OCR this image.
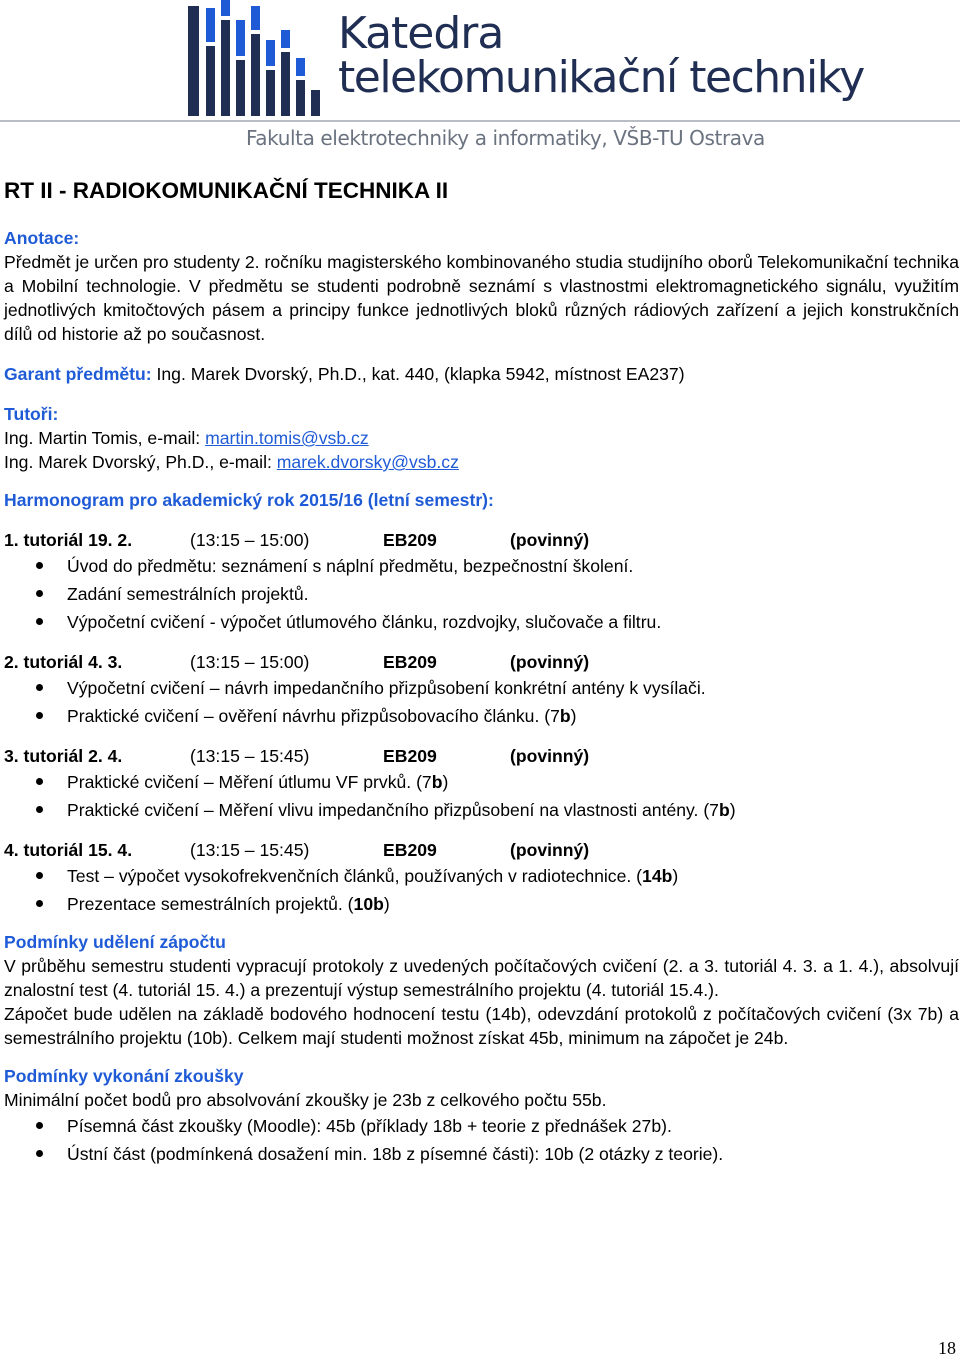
Katedra
telekomunikační techniky
Fakulta elektrotechniky a informatiky, VŠB-TU Ostrava
RT II - RADIOKOMUNIKAČNÍ TECHNIKA II
Anotace:

Předmět je určen pro studenty 2. ročníku magisterského kombinovaného studia studijního oborů Telekomunikační technika a Mobilní technologie. V předmětu se studenti podrobně seznámí s vlastnostmi elektromagnetického signálu, využitím jednotlivých kmitočtových pásem a principy funkce jednotlivých bloků různých rádiových zařízení a jejich konstrukčních dílů od historie až po současnost.

Garant předmětu: Ing. Marek Dvorský, Ph.D., kat. 440, (klapka 5942, místnost EA237)

Tutoři:

Ing. Martin Tomis, e-mail: martin.tomis@vsb.cz

Ing. Marek Dvorský, Ph.D., e-mail: marek.dvorsky@vsb.cz

Harmonogram pro akademický rok 2015/16 (letní semestr):
1. tutoriál 19. 2.	(13:15 – 15:00)	EB209	(povinný)
Úvod do předmětu: seznámení s náplní předmětu, bezpečnostní školení.
Zadání semestrálních projektů.
Výpočetní cvičení - výpočet útlumového článku, rozdvojky, slučovače a filtru.
2. tutoriál 4. 3.	(13:15 – 15:00)	EB209	(povinný)
Výpočetní cvičení – návrh impedančního přizpůsobení konkrétní antény k vysílači.
Praktické cvičení – ověření návrhu přizpůsobovacího článku. (7b)
3. tutoriál 2. 4.	(13:15 – 15:45)	EB209	(povinný)
Praktické cvičení – Měření útlumu VF prvků. (7b)
Praktické cvičení – Měření vlivu impedančního přizpůsobení na vlastnosti antény. (7b)
4. tutoriál 15. 4.	(13:15 – 15:45)	EB209	(povinný)
Test – výpočet vysokofrekvenčních článků, používaných v radiotechnice. (14b)
Prezentace semestrálních projektů. (10b)
Podmínky udělení zápočtu

V průběhu semestru studenti vypracují protokoly z uvedených počítačových cvičení (2. a 3. tutoriál 4. 3. a 1. 4.), absolvují znalostní test (4. tutoriál 15. 4.) a prezentují výstup semestrálního projektu (4. tutoriál 15.4.).

Zápočet bude udělen na základě bodového hodnocení testu (14b), odevzdání protokolů z počítačových cvičení (3x 7b) a semestrálního projektu (10b). Celkem mají studenti možnost získat 45b, minimum na zápočet je 24b.

Podmínky vykonání zkoušky

Minimální počet bodů pro absolvování zkoušky je 23b z celkového počtu 55b.

Písemná část zkoušky (Moodle): 45b (příklady 18b + teorie z přednášek 27b).
Ústní část (podmínkená dosažení min. 18b z písemné části): 10b (2 otázky z teorie).
18
